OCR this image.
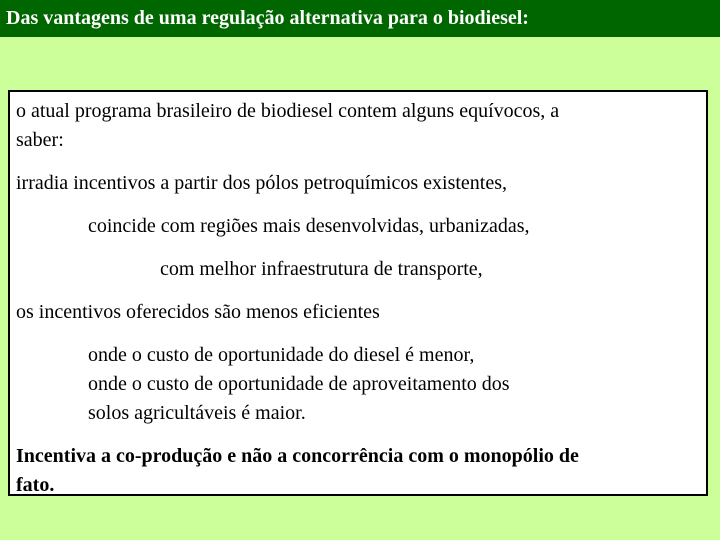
Das vantagens de uma regulação alternativa para o biodiesel:

o atual programa brasileiro de biodiesel contem alguns equívocos, a

saber:

irradia incentivos a partir dos pólos petroquímicos existentes,

coincide com regiões mais desenvolvidas, urbanizadas,

com melhor infraestrutura de transporte,

os incentivos oferecidos são menos eficientes

onde o custo de oportunidade do diesel é menor,

onde o custo de oportunidade de aproveitamento dos

solos agricultáveis é maior.

Incentiva a co-produção e não a concorrência com o monopólio de

fato.
